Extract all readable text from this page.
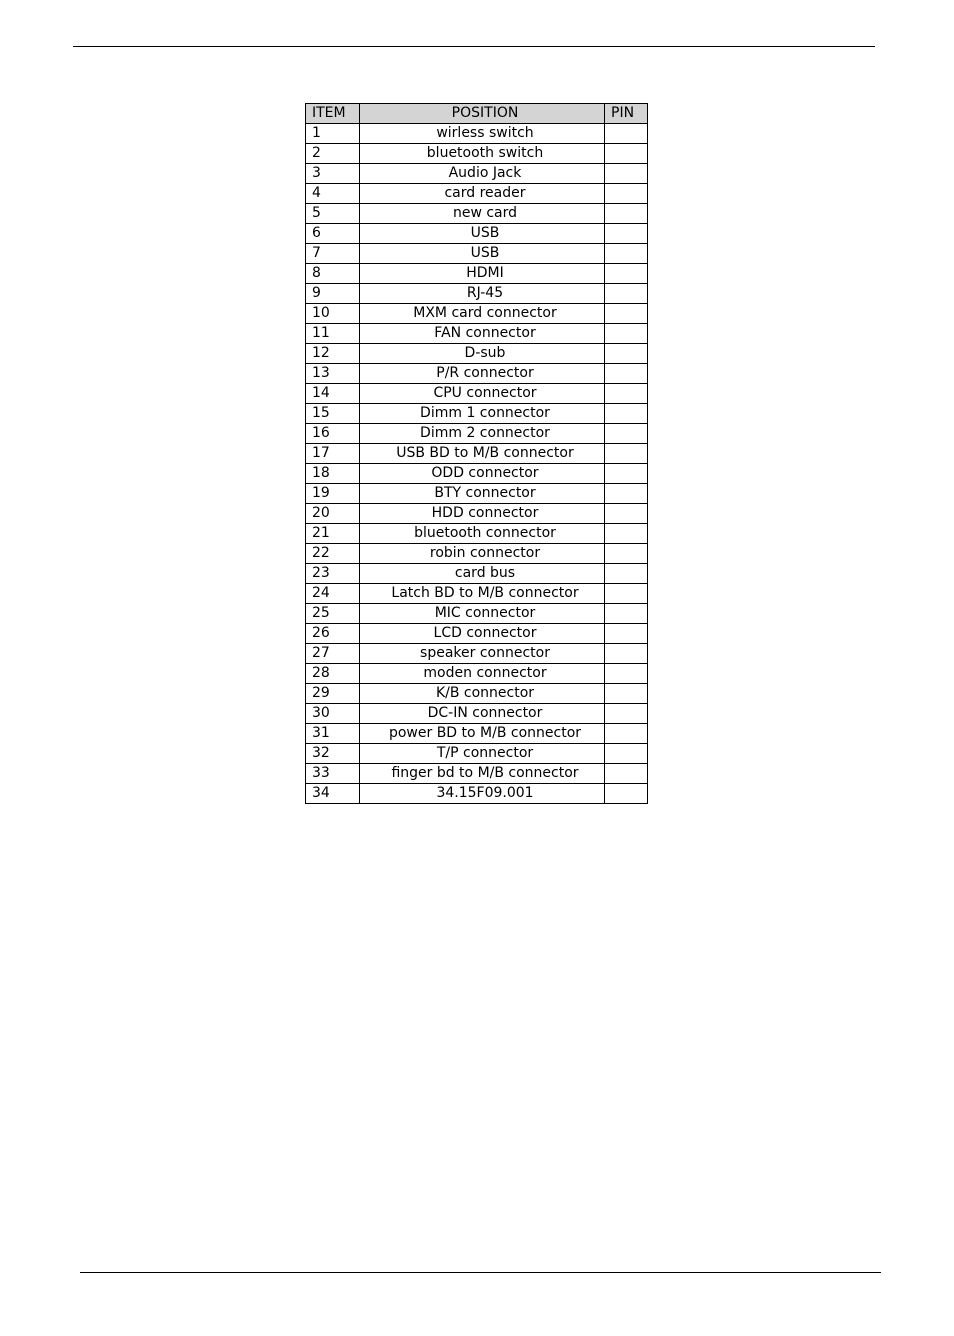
ITEM	POSITION	PIN
1	wirless switch	
2	bluetooth switch	
3	Audio Jack	
4	card reader	
5	new card	
6	USB	
7	USB	
8	HDMI	
9	RJ-45	
10	MXM card connector	
11	FAN connector	
12	D-sub	
13	P/R connector	
14	CPU connector	
15	Dimm 1 connector	
16	Dimm 2 connector	
17	USB BD to M/B connector	
18	ODD connector	
19	BTY connector	
20	HDD connector	
21	bluetooth connector	
22	robin connector	
23	card bus	
24	Latch BD to M/B connector	
25	MIC connector	
26	LCD connector	
27	speaker connector	
28	moden connector	
29	K/B connector	
30	DC-IN connector	
31	power BD to M/B connector	
32	T/P connector	
33	finger bd to M/B connector	
34	34.15F09.001	
